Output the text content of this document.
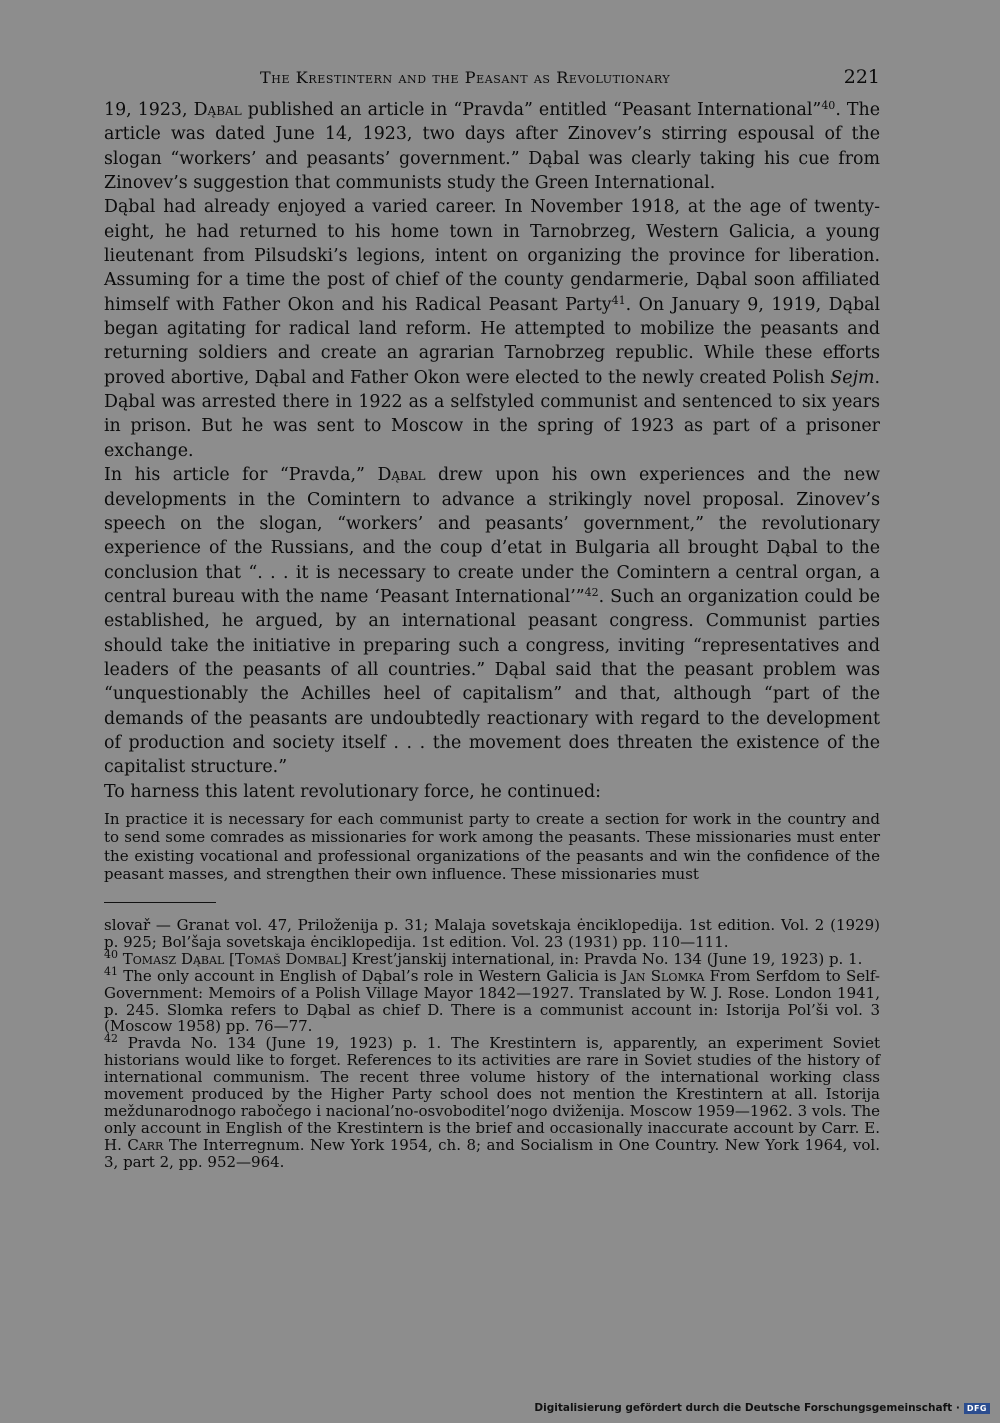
The Krestintern and the Peasant as Revolutionary	221

19, 1923, Dąbal published an article in “Pravda” entitled “Peasant International”$^{40}$. The article was dated June 14, 1923, two days after Zinovev’s stirring espousal of the slogan “workers’ and peasants’ government.” Dąbal was clearly taking his cue from Zinovev’s suggestion that communists study the Green International.

Dąbal had already enjoyed a varied career. In November 1918, at the age of twenty-eight, he had returned to his home town in Tarnobrzeg, Western Galicia, a young lieutenant from Pilsudski’s legions, intent on organizing the province for liberation. Assuming for a time the post of chief of the county gendarmerie, Dąbal soon affiliated himself with Father Okon and his Radical Peasant Party$^{41}$. On January 9, 1919, Dąbal began agitating for radical land reform. He attempted to mobilize the peasants and returning soldiers and create an agrarian Tarnobrzeg republic. While these efforts proved abortive, Dąbal and Father Okon were elected to the newly created Polish Sejm. Dąbal was arrested there in 1922 as a selfstyled communist and sentenced to six years in prison. But he was sent to Moscow in the spring of 1923 as part of a prisoner exchange.

In his article for “Pravda,” Dąbal drew upon his own experiences and the new developments in the Comintern to advance a strikingly novel proposal. Zinovev’s speech on the slogan, “workers’ and peasants’ government,” the revolutionary experience of the Russians, and the coup d’etat in Bulgaria all brought Dąbal to the conclusion that “. . . it is necessary to create under the Comintern a central organ, a central bureau with the name ‘Peasant International’”$^{42}$. Such an organization could be established, he argued, by an international peasant congress. Communist parties should take the initiative in preparing such a congress, inviting “representatives and leaders of the peasants of all countries.” Dąbal said that the peasant problem was “unquestionably the Achilles heel of capitalism” and that, although “part of the demands of the peasants are undoubtedly reactionary with regard to the development of production and society itself . . . the movement does threaten the existence of the capitalist structure.”

To harness this latent revolutionary force, he continued:

In practice it is necessary for each communist party to create a section for work in the country and to send some comrades as missionaries for work among the peasants. These missionaries must enter the existing vocational and professional organizations of the peasants and win the confidence of the peasant masses, and strengthen their own influence. These missionaries must

slovař — Granat vol. 47, Priloženija p. 31; Malaja sovetskaja ėnciklopedija. 1st edition. Vol. 2 (1929) p. 925; Bol’šaja sovetskaja ėnciklopedija. 1st edition. Vol. 23 (1931) pp. 110—111.

$^{40}$ Tomasz Dąbal [Tomaš Dombal] Krest’janskij international, in: Pravda No. 134 (June 19, 1923) p. 1.

$^{41}$ The only account in English of Dąbal’s role in Western Galicia is Jan Slomka From Serfdom to Self-Government: Memoirs of a Polish Village Mayor 1842—1927. Translated by W. J. Rose. London 1941, p. 245. Slomka refers to Dąbal as chief D. There is a communist account in: Istorija Pol’ši vol. 3 (Moscow 1958) pp. 76—77.

$^{42}$ Pravda No. 134 (June 19, 1923) p. 1. The Krestintern is, apparently, an experiment Soviet historians would like to forget. References to its activities are rare in Soviet studies of the history of international communism. The recent three volume history of the international working class movement produced by the Higher Party school does not mention the Krestintern at all. Istorija meždunarodnogo rabočego i nacional’no-osvoboditel’nogo dviženija. Moscow 1959—1962. 3 vols. The only account in English of the Krestintern is the brief and occasionally inaccurate account by Carr. E. H. Carr The Interregnum. New York 1954, ch. 8; and Socialism in One Country. New York 1964, vol. 3, part 2, pp. 952—964.

Digitalisierung gefördert durch die Deutsche Forschungsgemeinschaft · DFG
